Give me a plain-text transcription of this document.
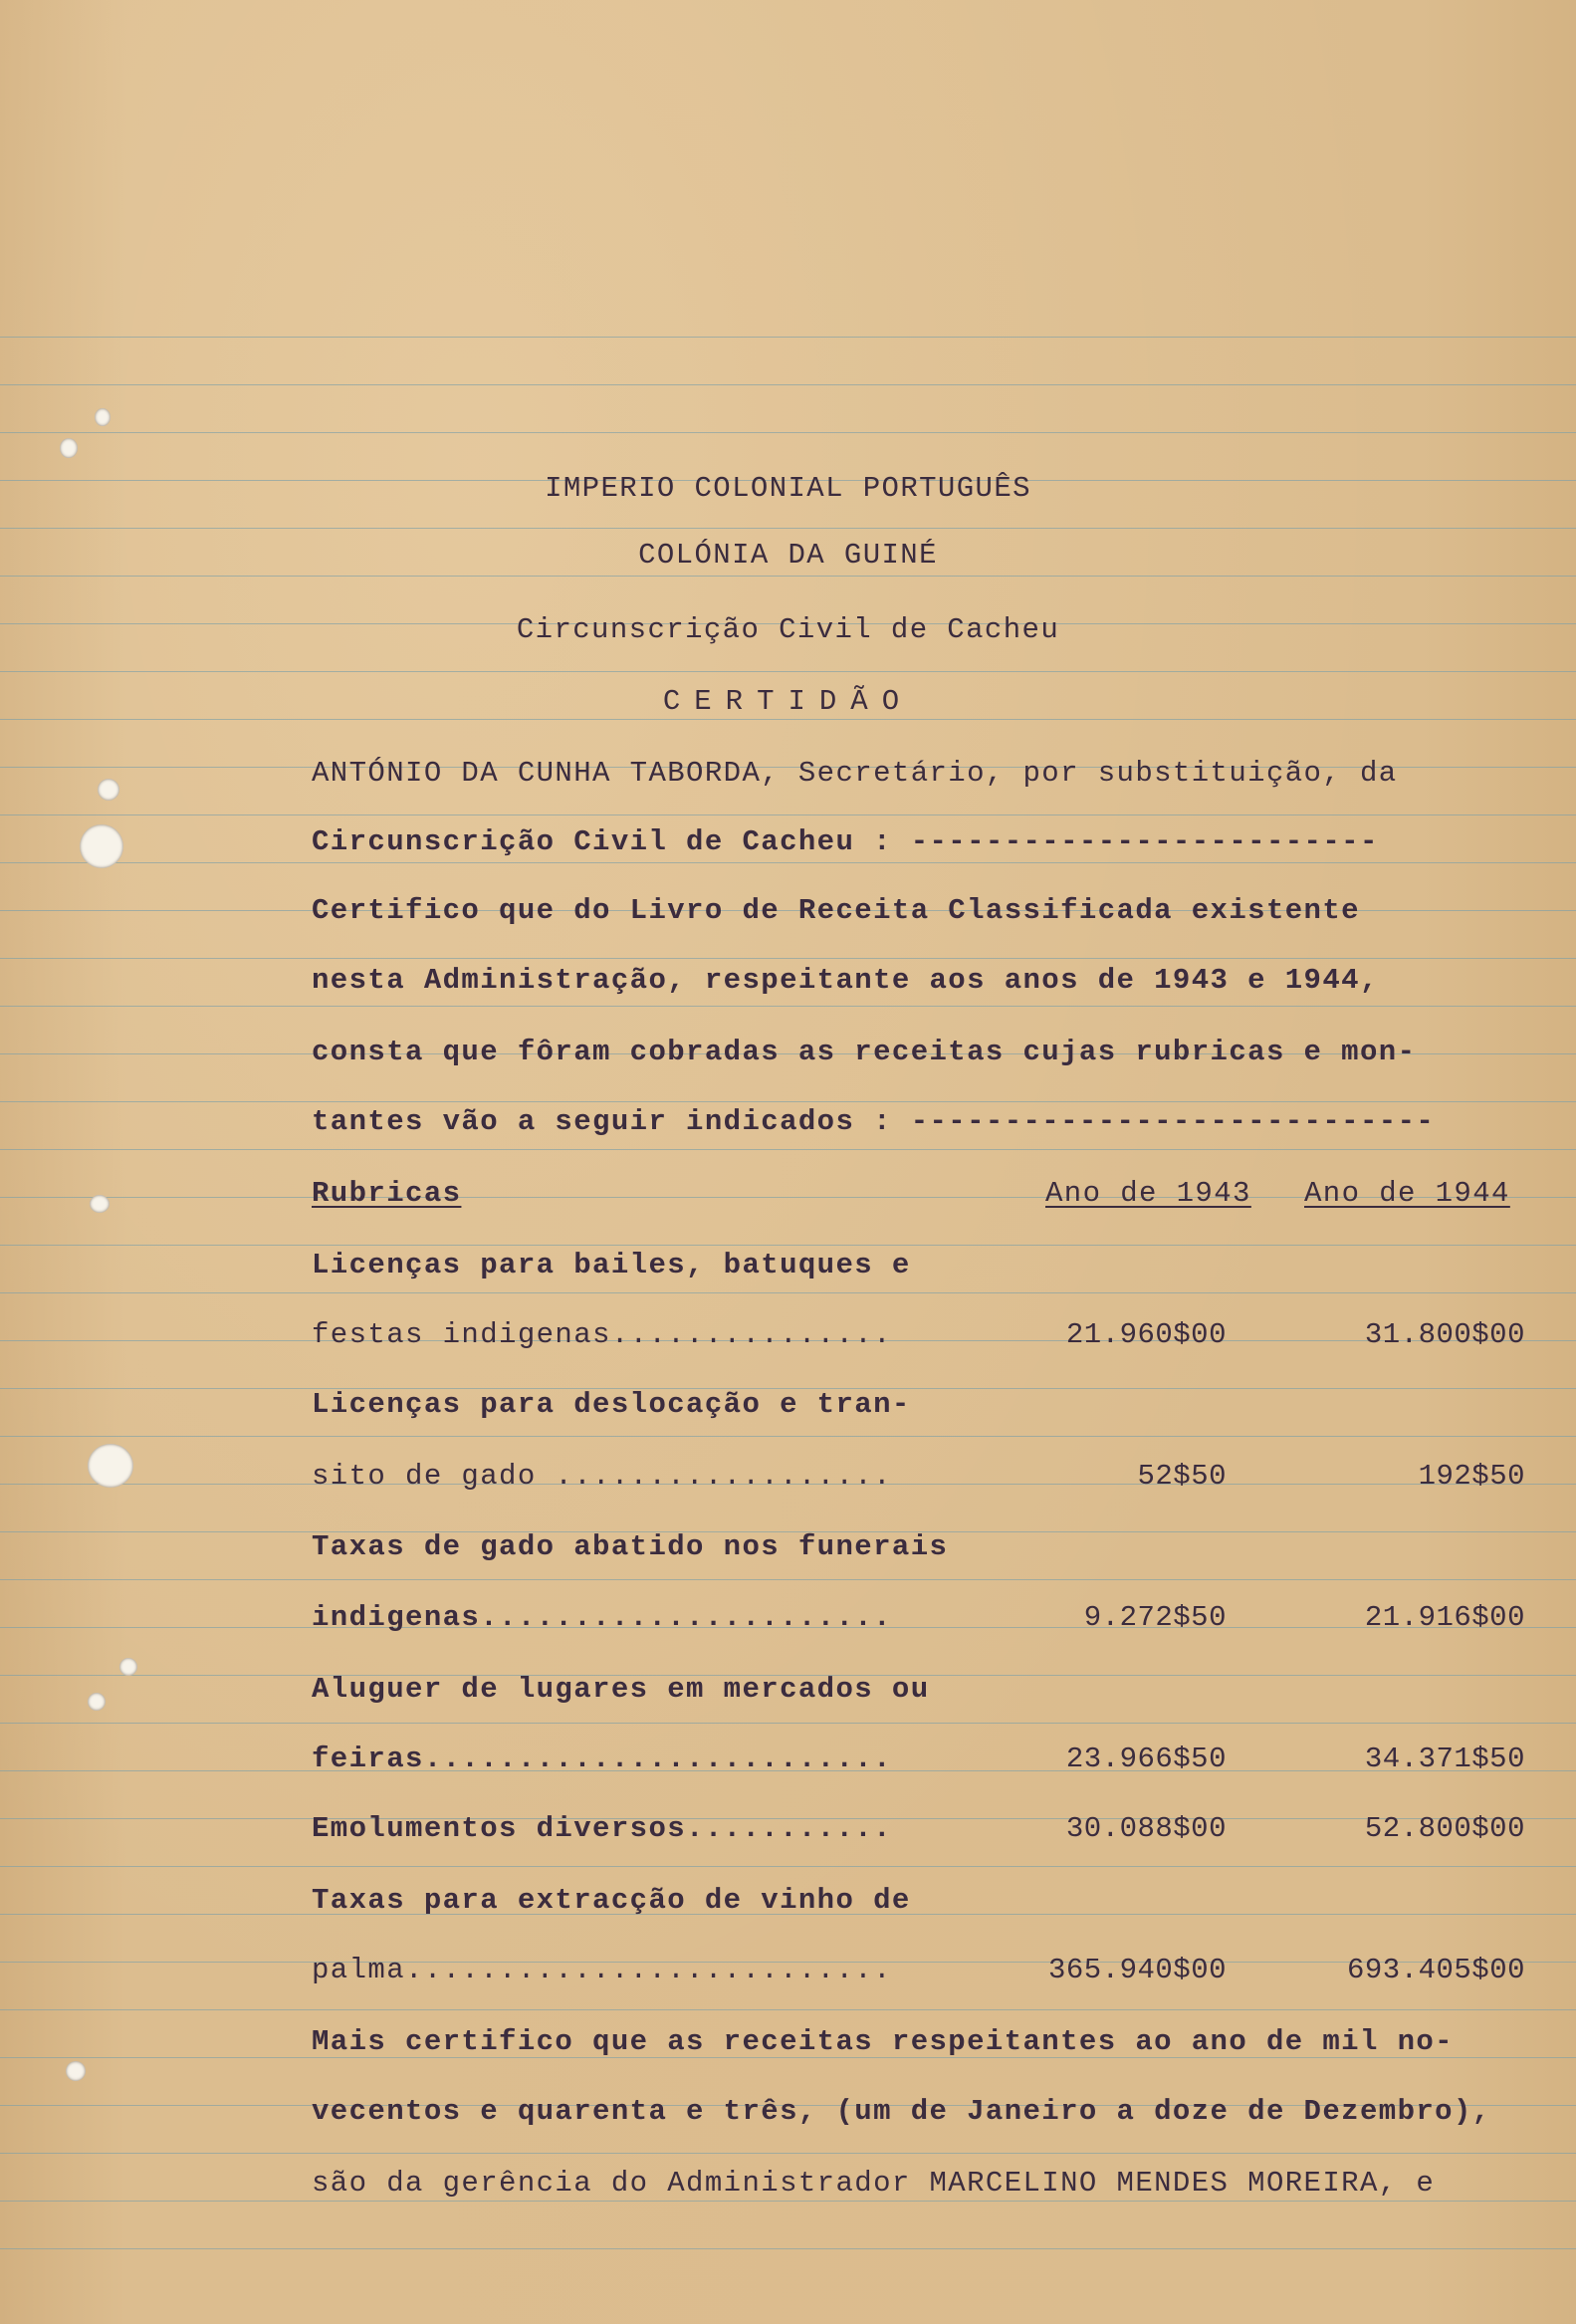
IMPERIO COLONIAL PORTUGUÊS
COLÓNIA DA GUINÉ
Circunscrição Civil de Cacheu
CERTIDÃO
ANTÓNIO DA CUNHA TABORDA, Secretário, por substituição, da
Circunscrição Civil de Cacheu : -------------------------
Certifico que do Livro de Receita Classificada existente
nesta Administração, respeitante aos anos de 1943 e 1944,
consta que fôram cobradas as receitas cujas rubricas e mon-
tantes vão a seguir indicados : ----------------------------
Rubricas	Ano de 1943 Ano de 1944
Licenças para bailes, batuques e
festas indigenas...............	21.960$00	31.800$00
Licenças para deslocação e tran-
sito de gado ..................	52$50	192$50
Taxas de gado abatido nos funerais
indigenas......................	9.272$50	21.916$00
Aluguer de lugares em mercados ou
feiras.........................	23.966$50	34.371$50
Emolumentos diversos...........	30.088$00	52.800$00
Taxas para extracção de vinho de
palma..........................	365.940$00	693.405$00
Mais certifico que as receitas respeitantes ao ano de mil no-
vecentos e quarenta e três, (um de Janeiro a doze de Dezembro),
são da gerência do Administrador MARCELINO MENDES MOREIRA, e
